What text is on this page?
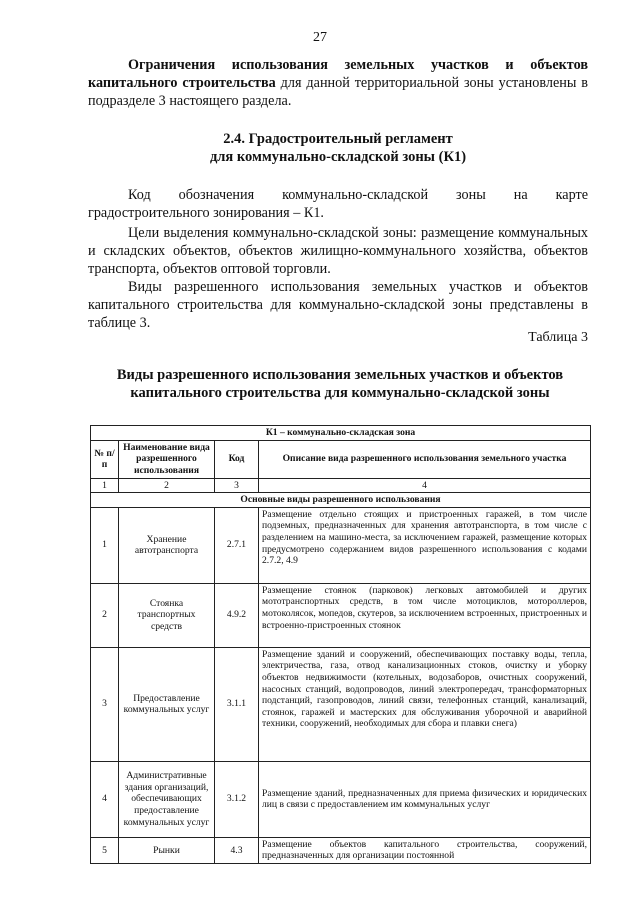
27
Ограничения использования земельных участков и объектов капитального строительства для данной территориальной зоны установлены в подразделе 3 настоящего раздела.
2.4. Градостроительный регламент
для коммунально-складской зоны (К1)
Код обозначения коммунально-складской зоны на карте градостроительного зонирования – К1.
Цели выделения коммунально-складской зоны: размещение коммунальных и складских объектов, объектов жилищно-коммунального хозяйства, объектов транспорта, объектов оптовой торговли.
Виды разрешенного использования земельных участков и объектов капитального строительства для коммунально-складской зоны представлены в таблице 3.
Таблица 3
Виды разрешенного использования земельных участков и объектов
капитального строительства для коммунально-складской зоны
К1 – коммунально-складская зона			
№ п/п	Наименование вида разрешенного использования	Код	Описание вида разрешенного использования земельного участка
1	2	3	4
Основные виды разрешенного использования			
1	Хранение автотранспорта	2.7.1	Размещение отдельно стоящих и пристроенных гаражей, в том числе подземных, предназначенных для хранения автотранспорта, в том числе с разделением на машино-места, за исключением гаражей, размещение которых предусмотрено содержанием видов разрешенного использования с кодами 2.7.2, 4.9
2	Стоянка транспортных средств	4.9.2	Размещение стоянок (парковок) легковых автомобилей и других мототранспортных средств, в том числе мотоциклов, мотороллеров, мотоколясок, мопедов, скутеров, за исключением встроенных, пристроенных и встроенно-пристроенных стоянок
3	Предоставление коммунальных услуг	3.1.1	Размещение зданий и сооружений, обеспечивающих поставку воды, тепла, электричества, газа, отвод канализационных стоков, очистку и уборку объектов недвижимости (котельных, водозаборов, очистных сооружений, насосных станций, водопроводов, линий электропередач, трансформаторных подстанций, газопроводов, линий связи, телефонных станций, канализаций, стоянок, гаражей и мастерских для обслуживания уборочной и аварийной техники, сооружений, необходимых для сбора и плавки снега)
4	Административные здания организаций, обеспечивающих предоставление коммунальных услуг	3.1.2	Размещение зданий, предназначенных для приема физических и юридических лиц в связи с предоставлением им коммунальных услуг
5	Рынки	4.3	Размещение объектов капитального строительства, сооружений, предназначенных для организации постоянной
